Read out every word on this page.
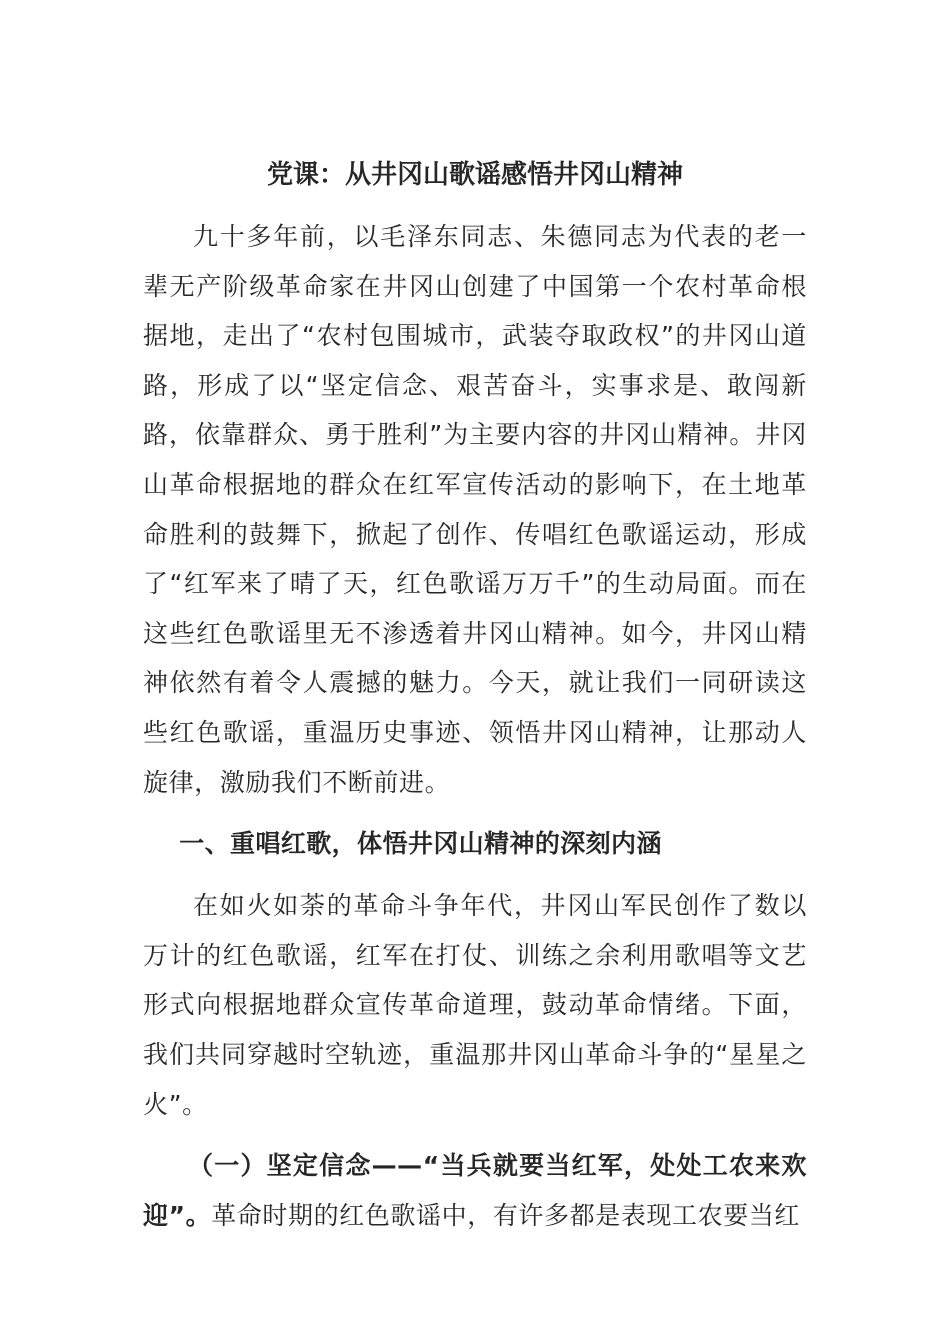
党课：从井冈山歌谣感悟井冈山精神

九十多年前，以毛泽东同志、朱德同志为代表的老一辈无产阶级革命家在井冈山创建了中国第一个农村革命根据地，走出了“农村包围城市，武装夺取政权”的井冈山道路，形成了以“坚定信念、艰苦奋斗，实事求是、敢闯新路，依靠群众、勇于胜利”为主要内容的井冈山精神。井冈山革命根据地的群众在红军宣传活动的影响下，在土地革命胜利的鼓舞下，掀起了创作、传唱红色歌谣运动，形成了“红军来了晴了天，红色歌谣万万千”的生动局面。而在这些红色歌谣里无不渗透着井冈山精神。如今，井冈山精神依然有着令人震撼的魅力。今天，就让我们一同研读这些红色歌谣，重温历史事迹、领悟井冈山精神，让那动人旋律，激励我们不断前进。

一、重唱红歌，体悟井冈山精神的深刻内涵

在如火如荼的革命斗争年代，井冈山军民创作了数以万计的红色歌谣，红军在打仗、训练之余利用歌唱等文艺形式向根据地群众宣传革命道理，鼓动革命情绪。下面，我们共同穿越时空轨迹，重温那井冈山革命斗争的“星星之火”。

（一）坚定信念——“当兵就要当红军，处处工农来欢迎”。革命时期的红色歌谣中，有许多都是表现工农要当红
